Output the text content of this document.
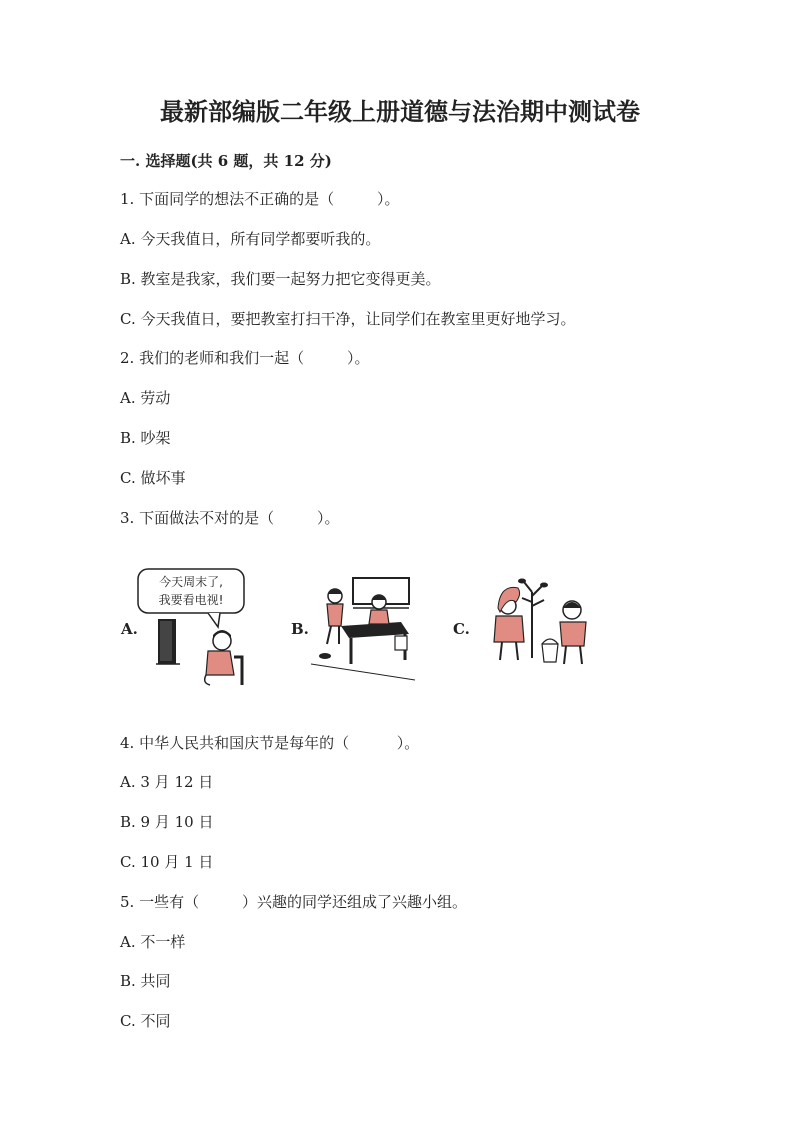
最新部编版二年级上册道德与法治期中测试卷
一. 选择题(共 6 题，共 12 分)
1. 下面同学的想法不正确的是（         ）。
A. 今天我值日，所有同学都要听我的。
B. 教室是我家，我们要一起努力把它变得更美。
C. 今天我值日，要把教室打扫干净，让同学们在教室里更好地学习。
2. 我们的老师和我们一起（         ）。
A. 劳动
B. 吵架
C. 做坏事
3. 下面做法不对的是（         ）。
A.
今天周末了,
我要看电视!
B.	C.
4. 中华人民共和国庆节是每年的（          ）。
A. 3 月 12 日
B. 9 月 10 日
C. 10 月 1 日
5. 一些有（         ）兴趣的同学还组成了兴趣小组。
A. 不一样
B. 共同
C. 不同
